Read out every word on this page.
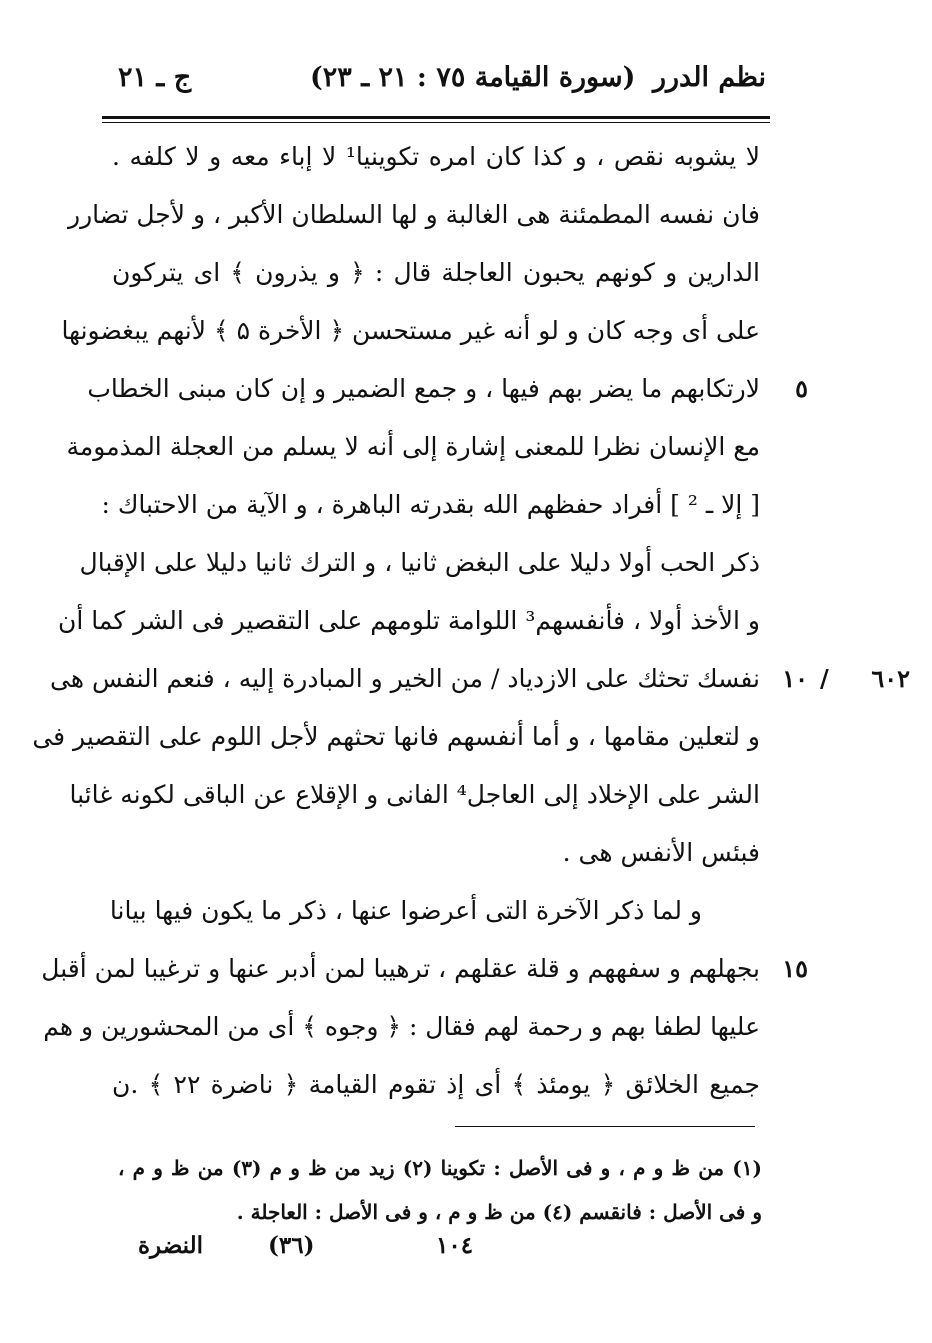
ج ـ ٢١	(سورة القيامة ٧٥ : ٢١ ـ ٢٣) نظم الدرر
لا يشوبه نقص ، و كذا كان امره تكوينيا¹ لا إباء معه و لا كلفه .
فان نفسه المطمئنة هى الغالبة و لها السلطان الأكبر ، و لأجل تضارر
الدارين و كونهم يحبون العاجلة قال : ﴿ و يذرون ﴾ اى يتركون
على أى وجه كان و لو أنه غير مستحسن ﴿ الأخرة ۵ ﴾ لأنهم يبغضونها
لارتكابهم ما يضر بهم فيها ، و جمع الضمير و إن كان مبنى الخطاب	٥
مع الإنسان نظرا للمعنى إشارة إلى أنه لا يسلم من العجلة المذمومة
[ إلا ـ ² ] أفراد حفظهم الله بقدرته الباهرة ، و الآية من الاحتباك :
ذكر الحب أولا دليلا على البغض ثانيا ، و الترك ثانيا دليلا على الإقبال
و الأخذ أولا ، فأنفسهم³ اللوامة تلومهم على التقصير فى الشر كما أن
نفسك تحثك على الازدياد / من الخير و المبادرة إليه ، فنعم النفس هى ١٠ ٦٠٢ /
و لتعلين مقامها ، و أما أنفسهم فانها تحثهم لأجل اللوم على التقصير فى
الشر على الإخلاد إلى العاجل⁴ الفانى و الإقلاع عن الباقى لكونه غائبا
فبئس الأنفس هى .
و لما ذكر الآخرة التى أعرضوا عنها ، ذكر ما يكون فيها بيانا
بجهلهم و سفههم و قلة عقلهم ، ترهيبا لمن أدبر عنها و ترغيبا لمن أقبل ١٥
عليها لطفا بهم و رحمة لهم فقال : ﴿ وجوه ﴾ أى من المحشورين و هم
جميع الخلائق ﴿ يومئذ ﴾ أى إذ تقوم القيامة ﴿ ناضرة ۲۲ ﴾ .ن
(١) من ظ و م ، و فى الأصل : تكوينا (٢) زيد من ظ و م (٣) من ظ و م ،
و فى الأصل : فانقسم (٤) من ظ و م ، و فى الأصل : العاجلة .
النضرة	(٣٦)	١٠٤
